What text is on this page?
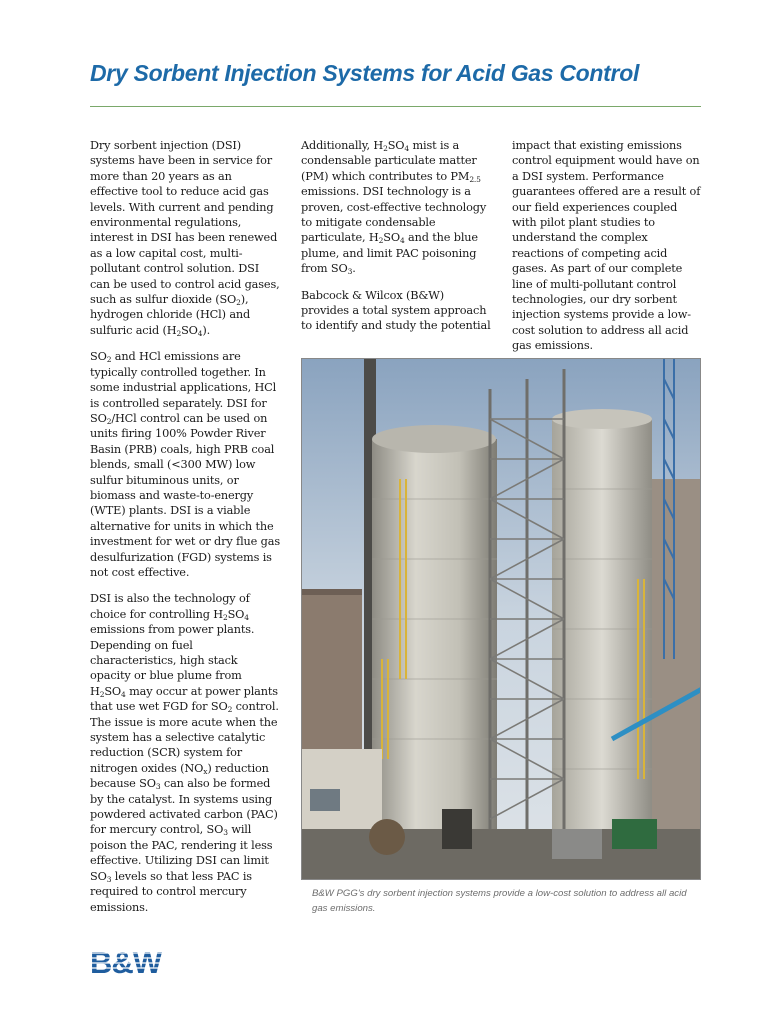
Dry Sorbent Injection Systems for Acid Gas Control

Dry sorbent injection (DSI) systems have been in service for more than 20 years as an effective tool to reduce acid gas levels. With current and pending environmental regulations, interest in DSI has been renewed as a low capital cost, multi-pollutant control solution. DSI can be used to control acid gases, such as sulfur dioxide $(SO_2)$, hydrogen chloride (HCl) and sulfuric acid $(H_2SO_4)$.

$SO_2$ and HCl emissions are typically controlled together. In some industrial applications, HCl is controlled separately. DSI for $SO_2$/HCl control can be used on units firing 100% Powder River Basin (PRB) coals, high PRB coal blends, small (<300 MW) low sulfur bituminous units, or biomass and waste-to-energy (WTE) plants. DSI is a viable alternative for units in which the investment for wet or dry flue gas desulfurization (FGD) systems is not cost effective.

DSI is also the technology of choice for controlling $H_2SO_4$ emissions from power plants. Depending on fuel characteristics, high stack opacity or blue plume from $H_2SO_4$ may occur at power plants that use wet FGD for $SO_2$ control. The issue is more acute when the system has a selective catalytic reduction (SCR) system for nitrogen oxides $(NO_x)$ reduction because $SO_3$ can also be formed by the catalyst. In systems using powdered activated carbon (PAC) for mercury control, $SO_3$ will poison the PAC, rendering it less effective. Utilizing DSI can limit $SO_3$ levels so that less PAC is required to control mercury emissions.

Additionally, $H_2SO_4$ mist is a condensable particulate matter (PM) which contributes to $PM_{2.5}$ emissions. DSI technology is a proven, cost-effective technology to mitigate condensable particulate, $H_2SO_4$ and the blue plume, and limit PAC poisoning from $SO_3$.

Babcock & Wilcox (B&W) provides a total system approach to identify and study the potential

impact that existing emissions control equipment would have on a DSI system. Performance guarantees offered are a result of our field experiences coupled with pilot plant studies to understand the complex reactions of competing acid gases. As part of our complete line of multi-pollutant control technologies, our dry sorbent injection systems provide a low-cost solution to address all acid gas emissions.

B&W PGG's dry sorbent injection systems provide a low-cost solution to address all acid gas emissions.
B&W
